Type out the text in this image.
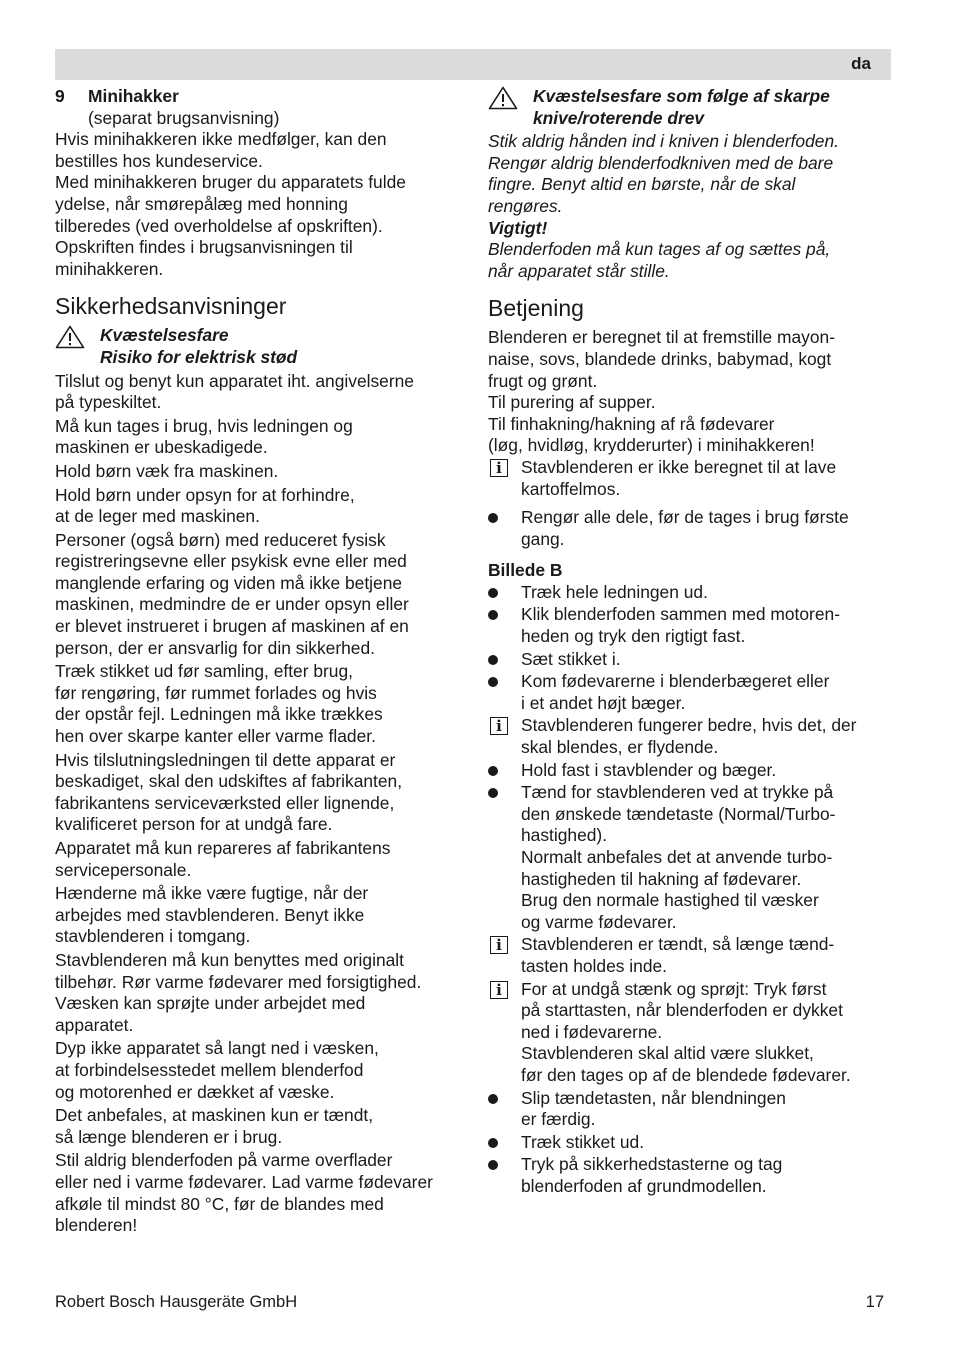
da
9	Minihakker

(separat brugsanvisning)

Hvis minihakkeren ikke medfølger, kan den

bestilles hos kundeservice.

Med minihakkeren bruger du apparatets fulde

ydelse, når smørepålæg med honning

tilberedes (ved overholdelse af opskriften).

Opskriften findes i brugsanvisningen til

minihakkeren.

Sikkerhedsanvisninger

Kvæstelsesfare

Risiko for elektrisk stød

Tilslut og benyt kun apparatet iht. angivelserne

på typeskiltet.

Må kun tages i brug, hvis ledningen og

maskinen er ubeskadigede.

Hold børn væk fra maskinen.

Hold børn under opsyn for at forhindre,

at de leger med maskinen.

Personer (også børn) med reduceret fysisk

registreringsevne eller psykisk evne eller med

manglende erfaring og viden må ikke betjene

maskinen, medmindre de er under opsyn eller

er blevet instrueret i brugen af maskinen af en

person, der er ansvarlig for din sikkerhed.

Træk stikket ud før samling, efter brug,

før rengøring, før rummet forlades og hvis

der opstår fejl. Ledningen må ikke trækkes

hen over skarpe kanter eller varme flader.

Hvis tilslutningsledningen til dette apparat er

beskadiget, skal den udskiftes af fabrikanten,

fabrikantens serviceværksted eller lignende,

kvalificeret person for at undgå fare.

Apparatet må kun repareres af fabrikantens

servicepersonale.

Hænderne må ikke være fugtige, når der

arbejdes med stavblenderen. Benyt ikke

stavblenderen i tomgang.

Stavblenderen må kun benyttes med originalt

tilbehør. Rør varme fødevarer med forsigtighed.

Væsken kan sprøjte under arbejdet med

apparatet.

Dyp ikke apparatet så langt ned i væsken,

at forbindelsesstedet mellem blenderfod

og motorenhed er dækket af væske.

Det anbefales, at maskinen kun er tændt,

så længe blenderen er i brug.

Stil aldrig blenderfoden på varme overflader

eller ned i varme fødevarer. Lad varme fødevarer

afkøle til mindst 80 °C, før de blandes med

blenderen!

Kvæstelsesfare som følge af skarpe

knive/roterende drev

Stik aldrig hånden ind i kniven i blenderfoden.

Rengør aldrig blenderfodkniven med de bare

fingre. Benyt altid en børste, når de skal

rengøres.

Vigtigt!

Blenderfoden må kun tages af og sættes på,

når apparatet står stille.

Betjening

Blenderen er beregnet til at fremstille mayon-

naise, sovs, blandede drinks, babymad, kogt

frugt og grønt.

Til purering af supper.

Til finhakning/hakning af rå fødevarer

(løg, hvidløg, krydderurter) i minihakkeren!

i	Stavblenderen er ikke beregnet til at lave

kartoffelmos.

Rengør alle dele, før de tages i brug første

gang.

Billede B

Træk hele ledningen ud.

Klik blenderfoden sammen med motoren-

heden og tryk den rigtigt fast.

Sæt stikket i.

Kom fødevarerne i blenderbægeret eller

i et andet højt bæger.

i	Stavblenderen fungerer bedre, hvis det, der

skal blendes, er flydende.

Hold fast i stavblender og bæger.

Tænd for stavblenderen ved at trykke på

den ønskede tændetaste (Normal/Turbo-

hastighed).

Normalt anbefales det at anvende turbo-

hastigheden til hakning af fødevarer.

Brug den normale hastighed til væsker

og varme fødevarer.

i	Stavblenderen er tændt, så længe tænd-

tasten holdes inde.

i	For at undgå stænk og sprøjt: Tryk først

på starttasten, når blenderfoden er dykket

ned i fødevarerne.

Stavblenderen skal altid være slukket,

før den tages op af de blendede fødevarer.

Slip tændetasten, når blendningen

er færdig.

Træk stikket ud.

Tryk på sikkerhedstasterne og tag

blenderfoden af grundmodellen.

Robert Bosch Hausgeräte GmbH	17
